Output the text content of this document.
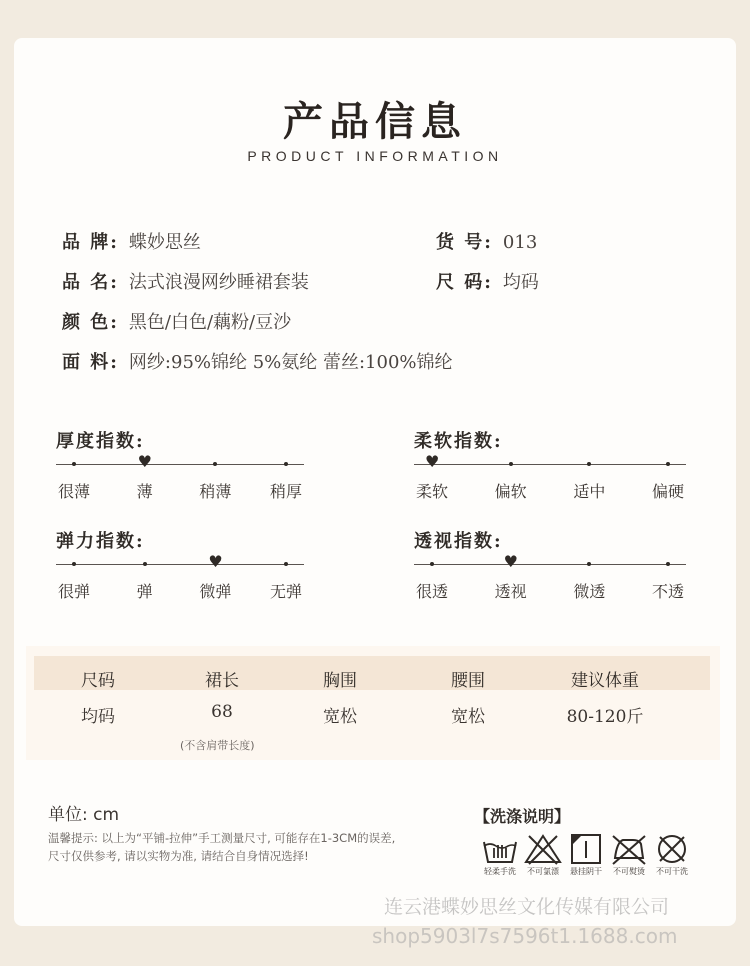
产品信息
PRODUCT INFORMATION
品 牌: 蝶妙思丝	货 号: 013
品 名: 法式浪漫网纱睡裙套装	尺 码: 均码
颜 色: 黑色/白色/藕粉/豆沙
面 料: 网纱:95%锦纶 5%氨纶 蕾丝:100%锦纶
厚度指数:
很薄
♥
薄	稍薄 稍厚
柔软指数:
♥
柔软	偏软	适中	偏硬
弹力指数:
很弹	弹
♥
微弹 无弹
透视指数:
很透
♥
透视	微透	不透
尺码	裙长	胸围	腰围	建议体重
均码	68	宽松	宽松	80-120斤
(不含肩带长度)
单位: cm
温馨提示: 以上为“平铺-拉伸”手工测量尺寸, 可能存在1-3CM的误差,
尺寸仅供参考, 请以实物为准, 请结合自身情况选择!
【洗涤说明】
轻柔手洗	不可氯漂	悬挂阴干	不可熨烫	不可干洗
连云港蝶妙思丝文化传媒有限公司
shop5903l7s7596t1.1688.com
